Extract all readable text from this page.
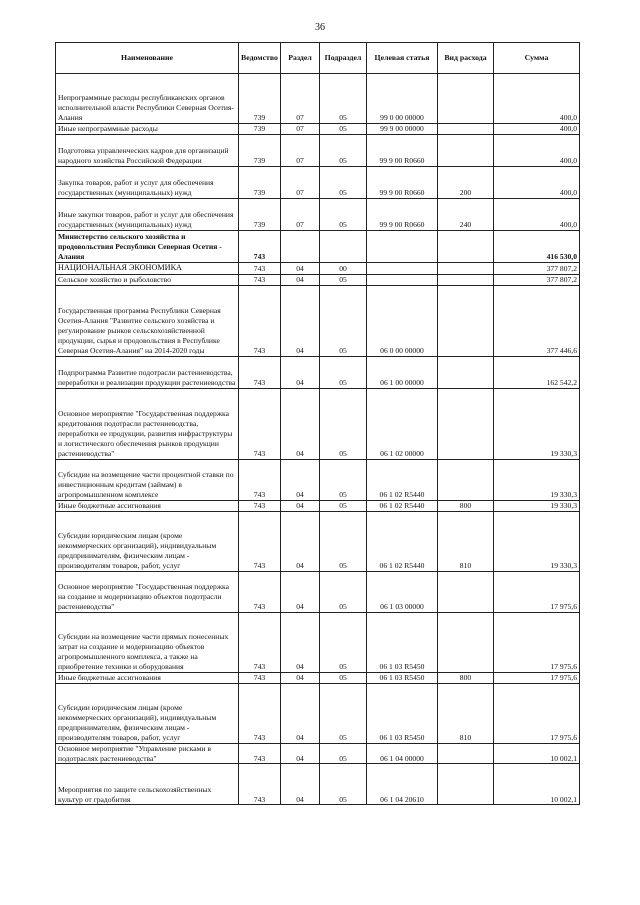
36
Наименование	Ведомство	Раздел	Подраздел	Целевая статья	Вид расхода	Сумма
Непрограммные расходы республиканских органов исполнительной власти Республики Северная Осетия-Алания	739	07	05	99 0 00 00000		400,0
Иные непрограммные расходы	739	07	05	99 9 00 00000		400,0
Подготовка управленческих кадров для организаций народного хозяйства Российской Федерации	739	07	05	99 9 00 R0660		400,0
Закупка товаров, работ и услуг для обеспечения государственных (муниципальных) нужд	739	07	05	99 9 00 R0660	200	400,0
Иные закупки товаров, работ и услуг для обеспечения государственных (муниципальных) нужд	739	07	05	99 9 00 R0660	240	400,0
Министерство сельского хозяйства и продовольствия Республики Северная Осетия - Алания	743					416 530,0
НАЦИОНАЛЬНАЯ ЭКОНОМИКА	743	04	00			377 807,2
Сельское хозяйство и рыболовство	743	04	05			377 807,2
Государственная программа Республики Северная Осетия-Алания "Развитие сельского хозяйства и регулирование рынков сельскохозяйственной продукции, сырья и продовольствия в Республике Северная Осетия-Алания" на 2014-2020 годы	743	04	05	06 0 00 00000		377 446,6
Подпрограмма Развитие подотрасли растениеводства, переработки и реализации продукции растениеводства	743	04	05	06 1 00 00000		162 542,2
Основное мероприятие "Государственная поддержка кредитования подотрасли растениеводства, переработки ее продукции, развития инфраструктуры и логистического обеспечения рынков продукции растениеводства"	743	04	05	06 1 02 00000		19 330,3
Субсидии на возмещение части процентной ставки по инвестиционным кредитам (займам) в агропромышленном комплексе	743	04	05	06 1 02 R5440		19 330,3
Иные бюджетные ассигнования	743	04	05	06 1 02 R5440	800	19 330,3
Субсидии юридическим лицам (кроме некоммерческих организаций), индивидуальным предпринимателям, физическим лицам - производителям товаров, работ, услуг	743	04	05	06 1 02 R5440	810	19 330,3
Основное мероприятие "Государственная поддержка на создание и модернизацию объектов подотрасли растениеводства"	743	04	05	06 1 03 00000		17 975,6
Субсидии на возмещение части прямых понесенных затрат на создание и модернизацию объектов агропромышленного комплекса, а также на приобретение техники и оборудования	743	04	05	06 1 03 R5450		17 975,6
Иные бюджетные ассигнования	743	04	05	06 1 03 R5450	800	17 975,6
Субсидии юридическим лицам (кроме некоммерческих организаций), индивидуальным предпринимателям, физическим лицам - производителям товаров, работ, услуг	743	04	05	06 1 03 R5450	810	17 975,6
Основное мероприятие "Управление рисками в подотраслях растениеводства"	743	04	05	06 1 04 00000		10 002,1
Мероприятия по защите сельскохозяйственных культур от градобития	743	04	05	06 1 04 20610		10 002,1
